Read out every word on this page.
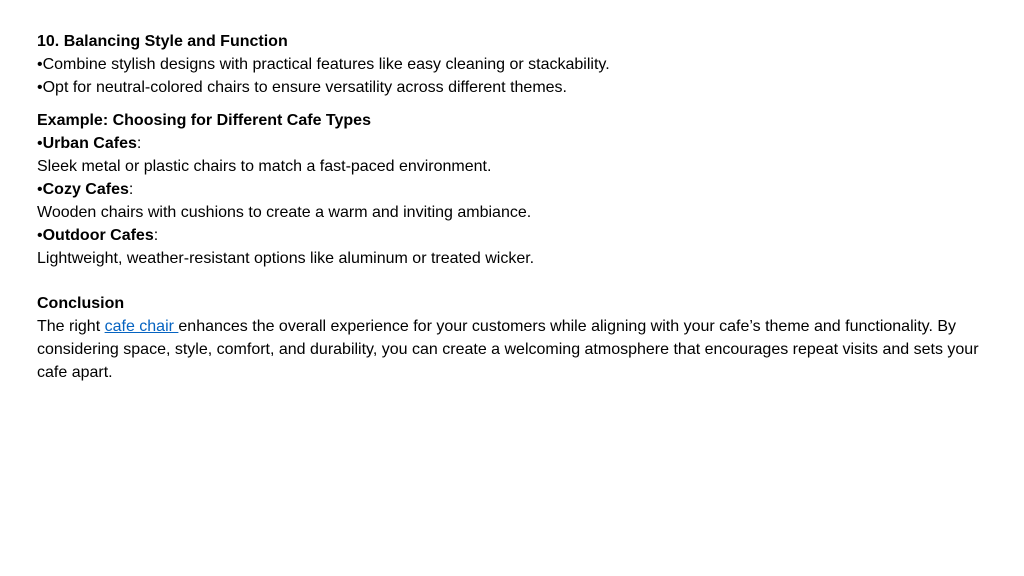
10. Balancing Style and Function

•Combine stylish designs with practical features like easy cleaning or stackability.

•Opt for neutral-colored chairs to ensure versatility across different themes.

Example: Choosing for Different Cafe Types

•Urban Cafes:

Sleek metal or plastic chairs to match a fast-paced environment.

•Cozy Cafes:

Wooden chairs with cushions to create a warm and inviting ambiance.

•Outdoor Cafes:

Lightweight, weather-resistant options like aluminum or treated wicker.

Conclusion

The right cafe chair enhances the overall experience for your customers while aligning with your cafe’s theme and functionality. By considering space, style, comfort, and durability, you can create a welcoming atmosphere that encourages repeat visits and sets your cafe apart.
